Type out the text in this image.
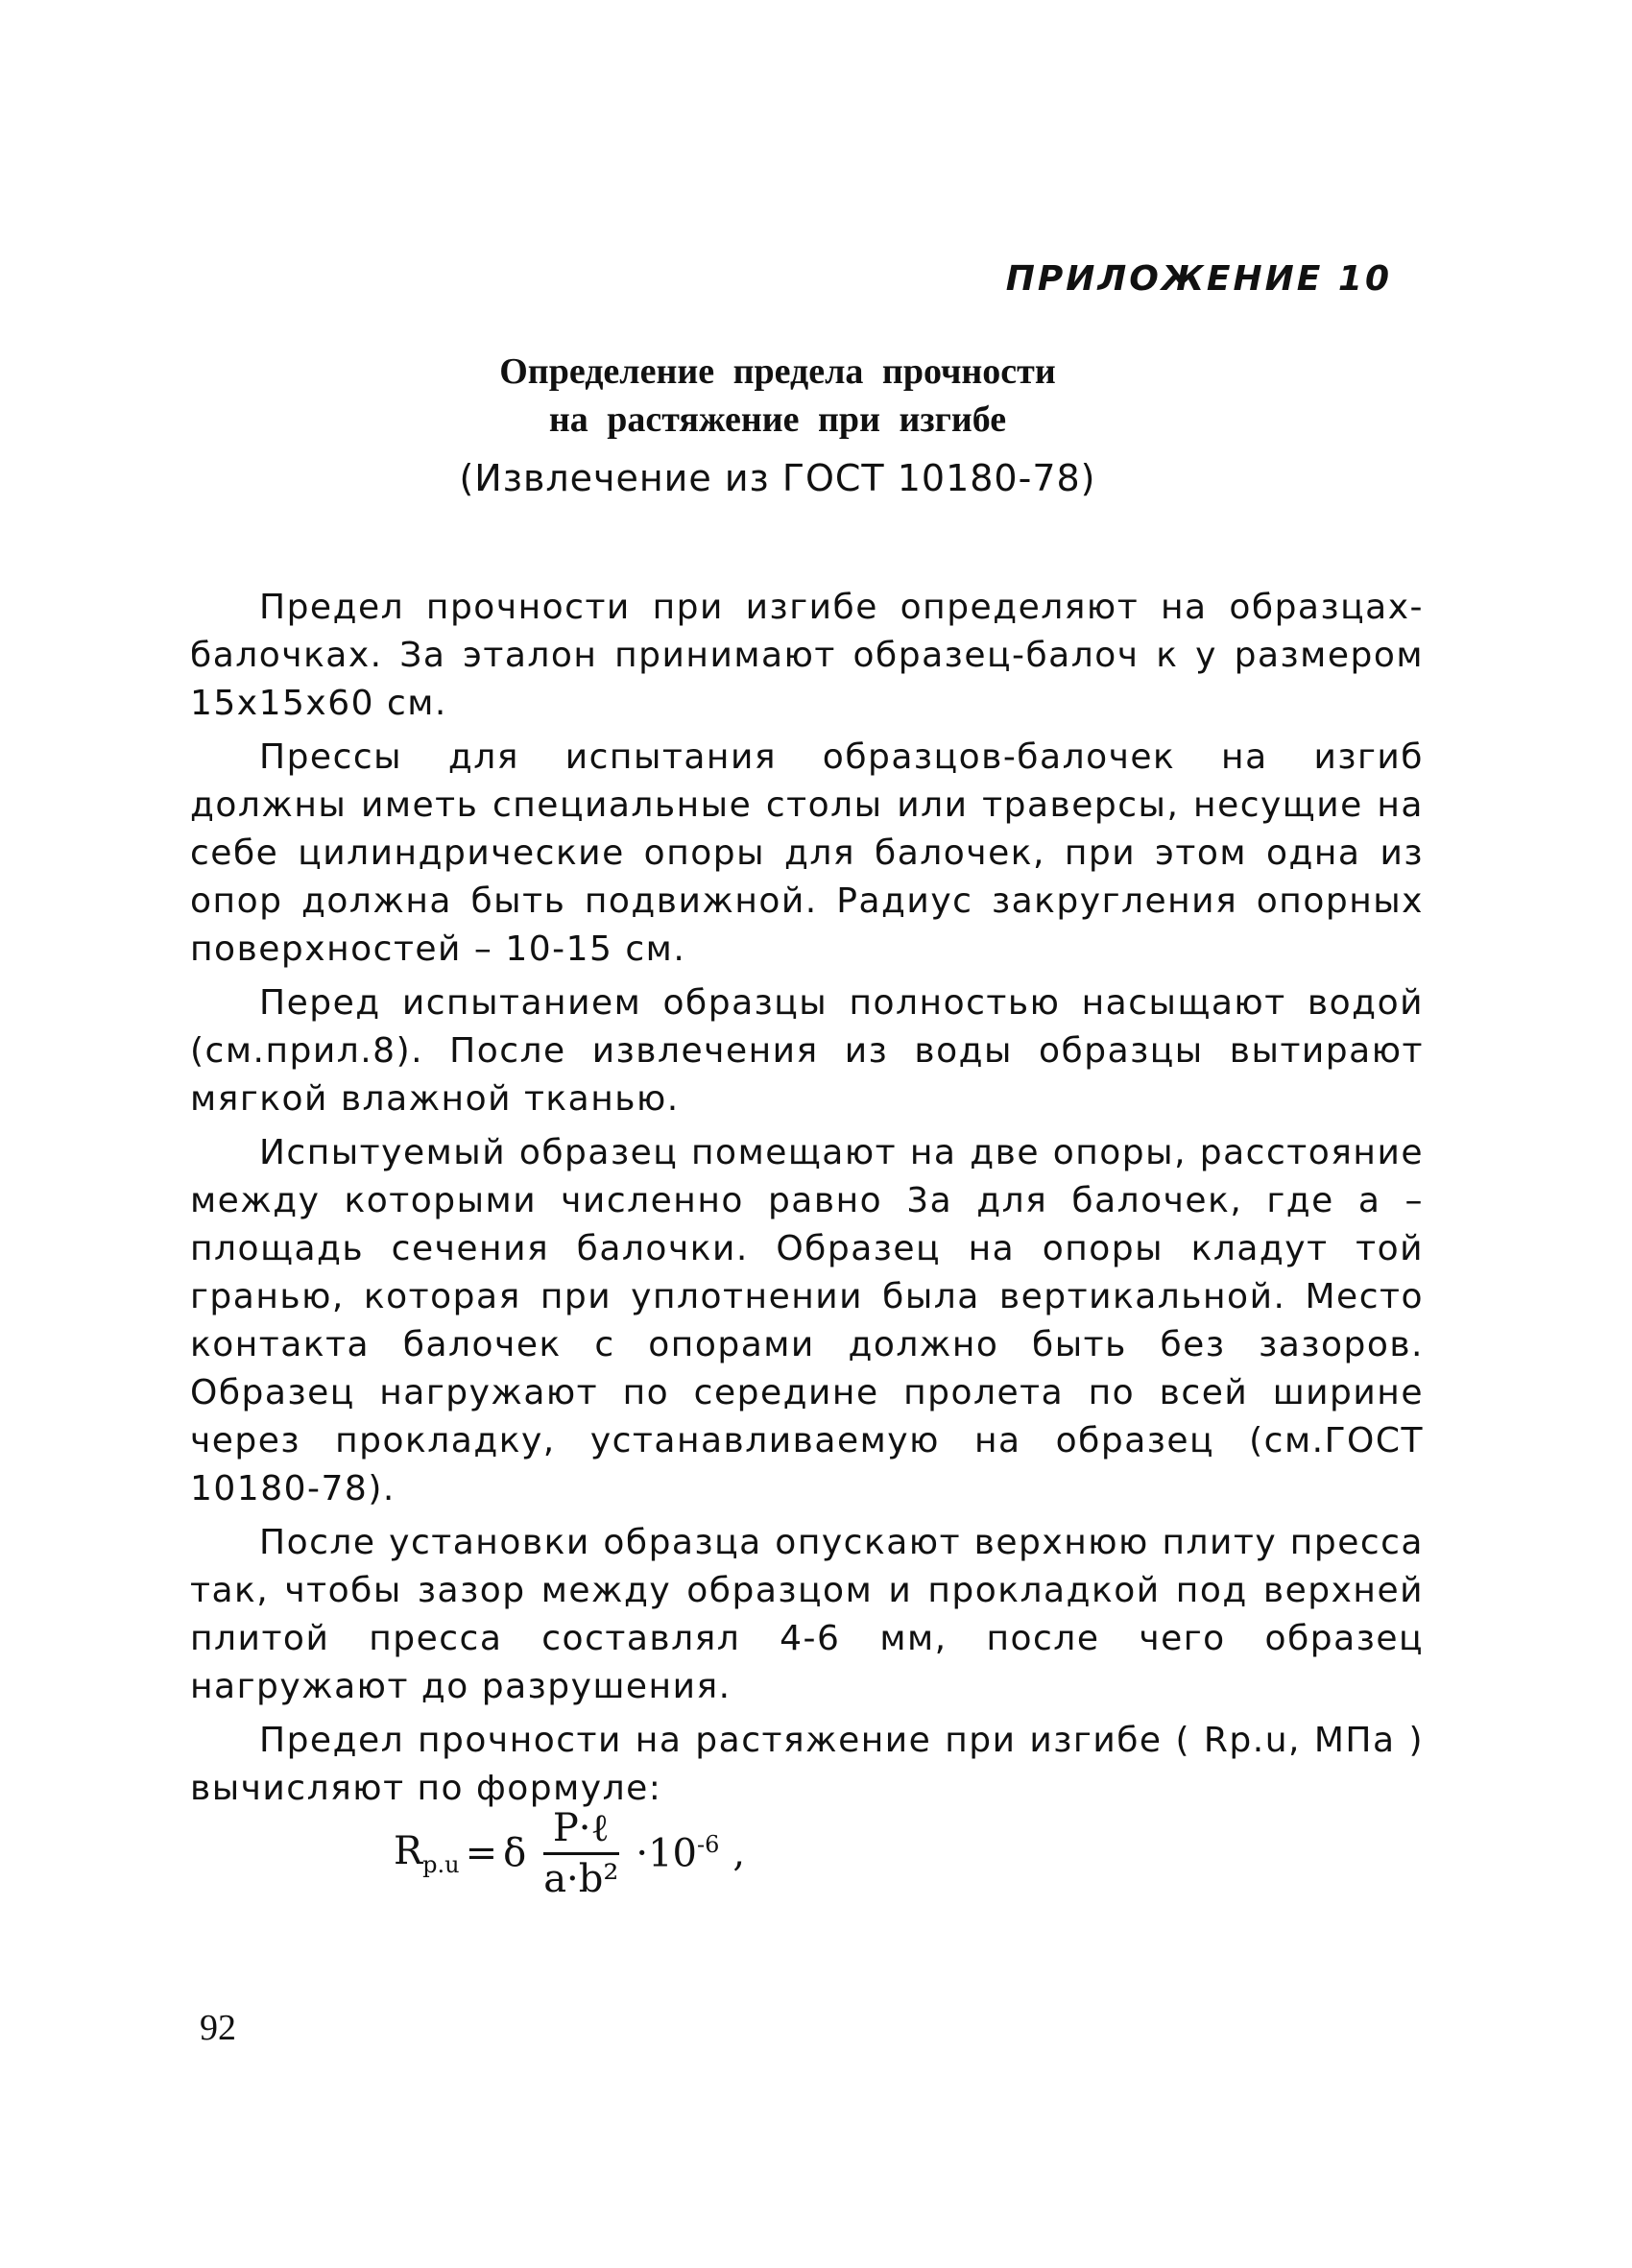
ПРИЛОЖЕНИЕ 10

Определение предела прочности

на растяжение при изгибе

(Извлечение из ГОСТ 10180-78)

Предел прочности при изгибе определяют на образцах-балочках. За эталон принимают образец-балоч к у размером 15х15х60 см.

Прессы для испытания образцов-балочек на изгиб должны иметь специальные столы или траверсы, несущие на себе цилиндрические опоры для балочек, при этом одна из опор должна быть подвижной. Радиус закругления опорных поверхностей – 10-15 см.

Перед испытанием образцы полностью насыщают водой (см.прил.8). После извлечения из воды образцы вытирают мягкой влажной тканью.

Испытуемый образец помещают на две опоры, расстояние между которыми численно равно 3а для балочек, где а – площадь сечения балочки. Образец на опоры кладут той гранью, которая при уплотнении была вертикальной. Место контакта балочек с опорами должно быть без зазоров. Образец нагружают по середине пролета по всей ширине через прокладку, устанавливаемую на образец (см.ГОСТ 10180-78).

После установки образца опускают верхнюю плиту пресса так, чтобы зазор между образцом и прокладкой под верхней плитой пресса составлял 4-6 мм, после чего образец нагружают до разрушения.

Предел прочности на растяжение при изгибе ( Rp.u, МПа ) вычисляют по формуле:

$R_{p.u} = \delta \frac{\text{P·ℓ}}{\text{a·b²}} \cdot 10^{-6}$ ,

92
